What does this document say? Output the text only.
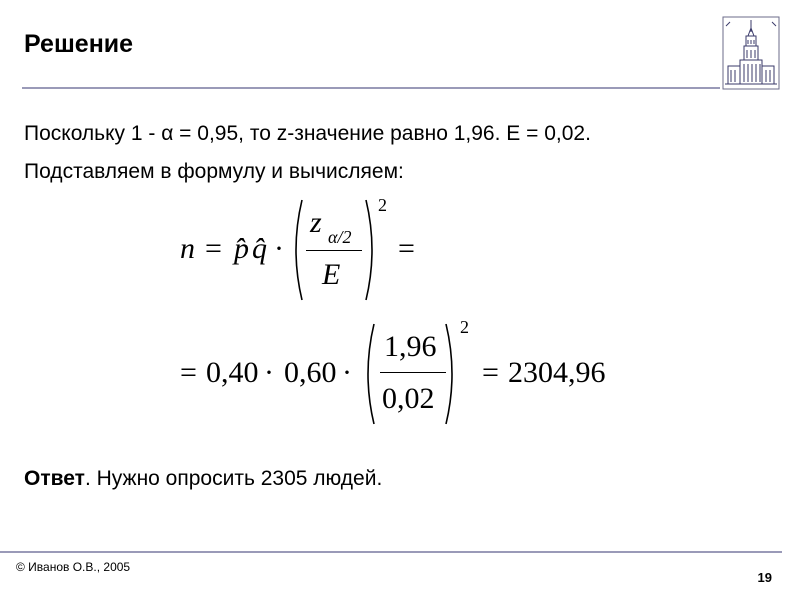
Решение
Поскольку 1 - α = 0,95, то z-значение равно 1,96. Е = 0,02.
Подставляем в формулу и вычисляем:
n = p̂ q̂ ·
z α/2
E
2
=
= 0,40 · 0,60 ·
1,96
0,02
2
= 2304,96
Ответ. Нужно опросить 2305 людей.
© Иванов О.В., 2005
19
